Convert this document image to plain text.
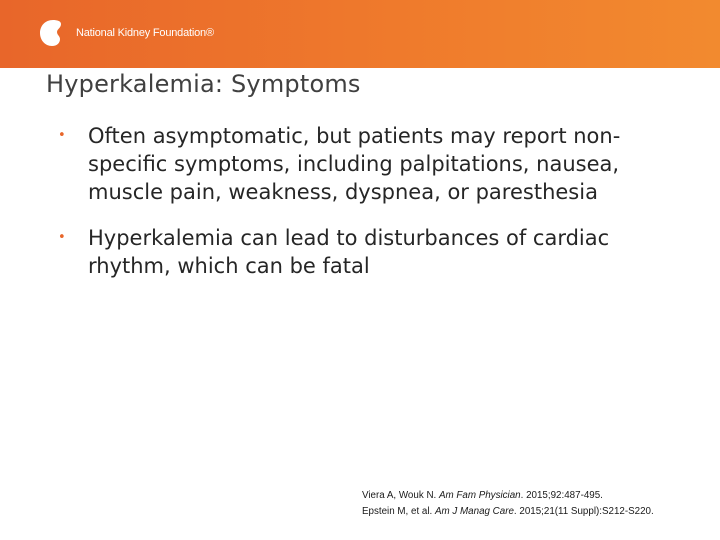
National Kidney Foundation®
Hyperkalemia: Symptoms
• Often asymptomatic, but patients may report non-specific symptoms, including palpitations, nausea, muscle pain, weakness, dyspnea, or paresthesia
• Hyperkalemia can lead to disturbances of cardiac rhythm, which can be fatal
Viera A, Wouk N. Am Fam Physician. 2015;92:487-495.
Epstein M, et al. Am J Manag Care. 2015;21(11 Suppl):S212-S220.
